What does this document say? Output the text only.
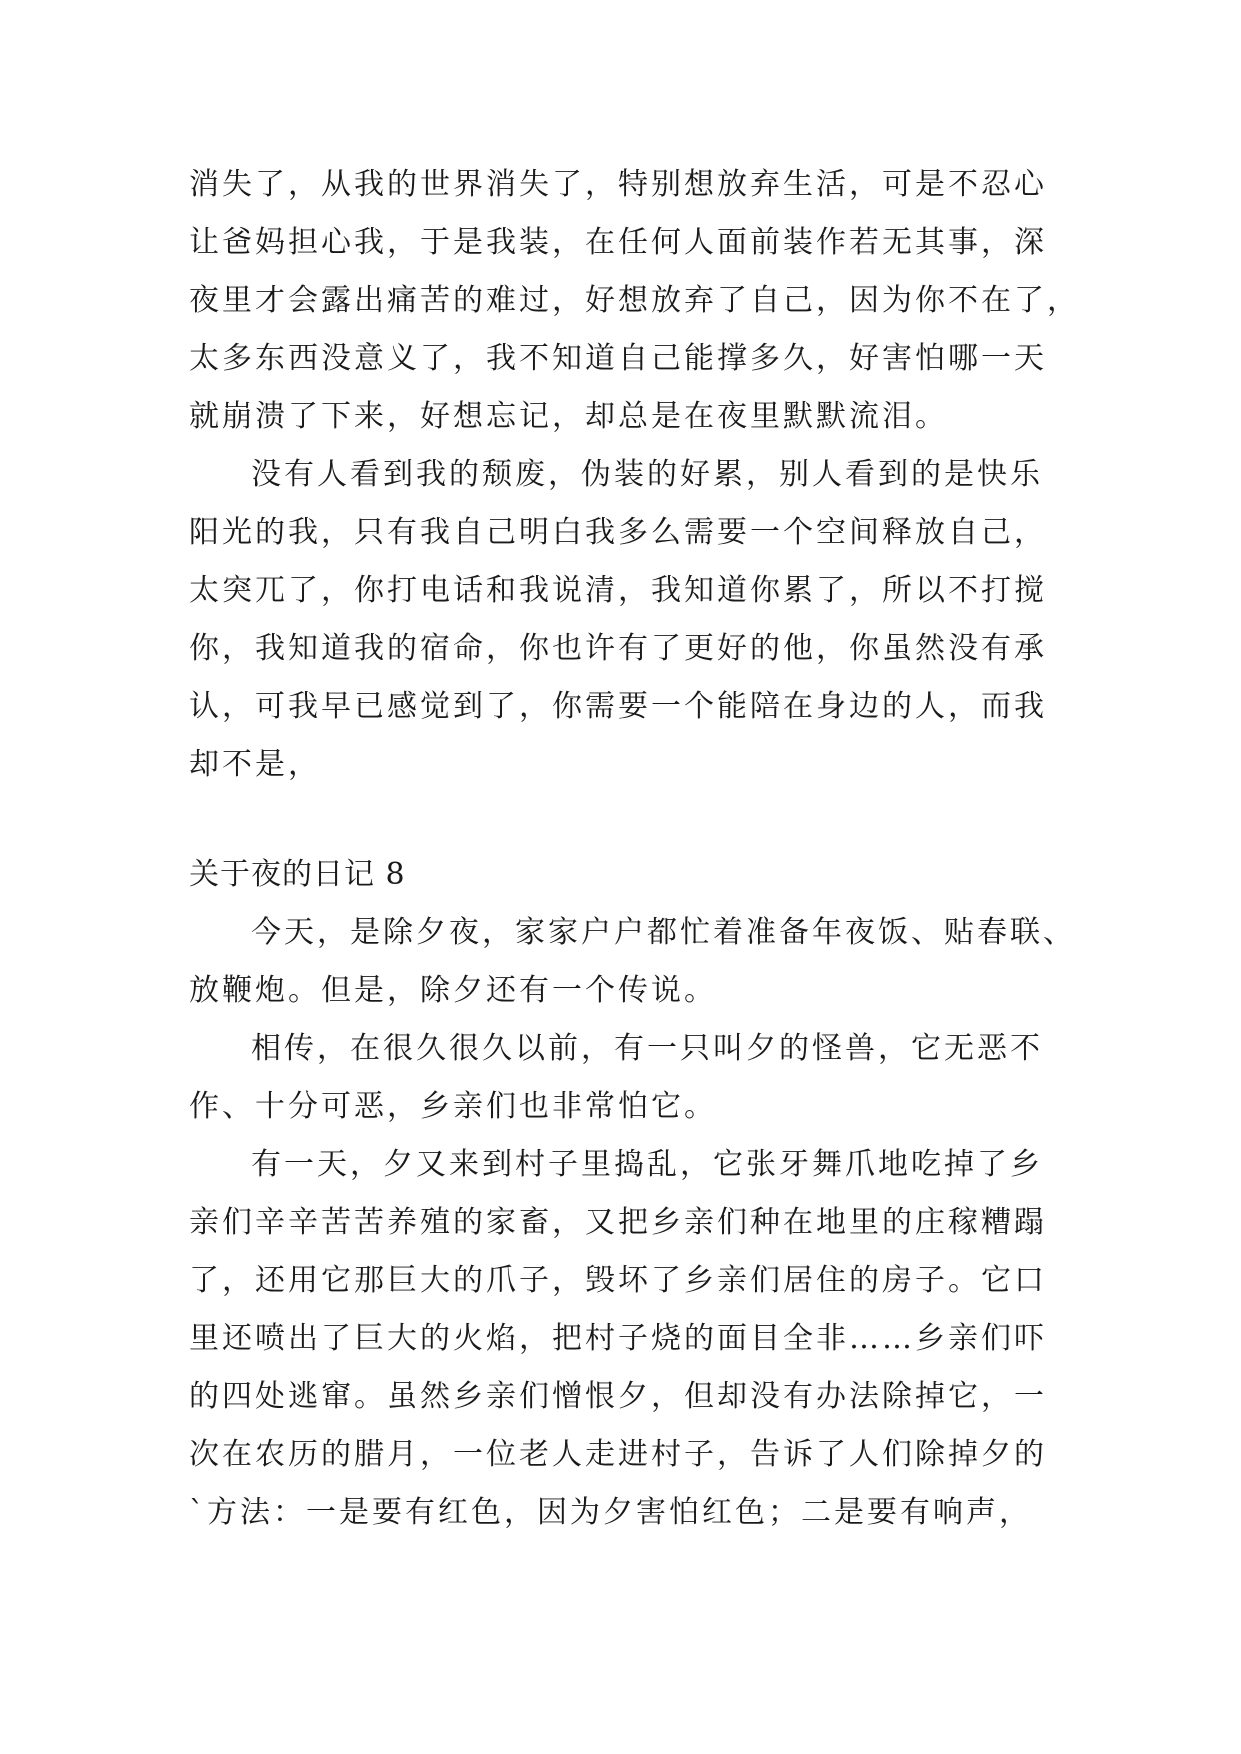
消失了，从我的世界消失了，特别想放弃生活，可是不忍心
让爸妈担心我，于是我装，在任何人面前装作若无其事，深
夜里才会露出痛苦的难过，好想放弃了自己，因为你不在了，
太多东西没意义了，我不知道自己能撑多久，好害怕哪一天
就崩溃了下来，好想忘记，却总是在夜里默默流泪。
没有人看到我的颓废，伪装的好累，别人看到的是快乐
阳光的我，只有我自己明白我多么需要一个空间释放自己，
太突兀了，你打电话和我说清，我知道你累了，所以不打搅
你，我知道我的宿命，你也许有了更好的他，你虽然没有承
认，可我早已感觉到了，你需要一个能陪在身边的人，而我
却不是，
关于夜的日记 8
今天，是除夕夜，家家户户都忙着准备年夜饭、贴春联、
放鞭炮。但是，除夕还有一个传说。
相传，在很久很久以前，有一只叫夕的怪兽，它无恶不
作、十分可恶，乡亲们也非常怕它。
有一天，夕又来到村子里捣乱，它张牙舞爪地吃掉了乡
亲们辛辛苦苦养殖的家畜，又把乡亲们种在地里的庄稼糟蹋
了，还用它那巨大的爪子，毁坏了乡亲们居住的房子。它口
里还喷出了巨大的火焰，把村子烧的面目全非……乡亲们吓
的四处逃窜。虽然乡亲们憎恨夕，但却没有办法除掉它，一
次在农历的腊月，一位老人走进村子，告诉了人们除掉夕的
`方法：一是要有红色，因为夕害怕红色；二是要有响声，
